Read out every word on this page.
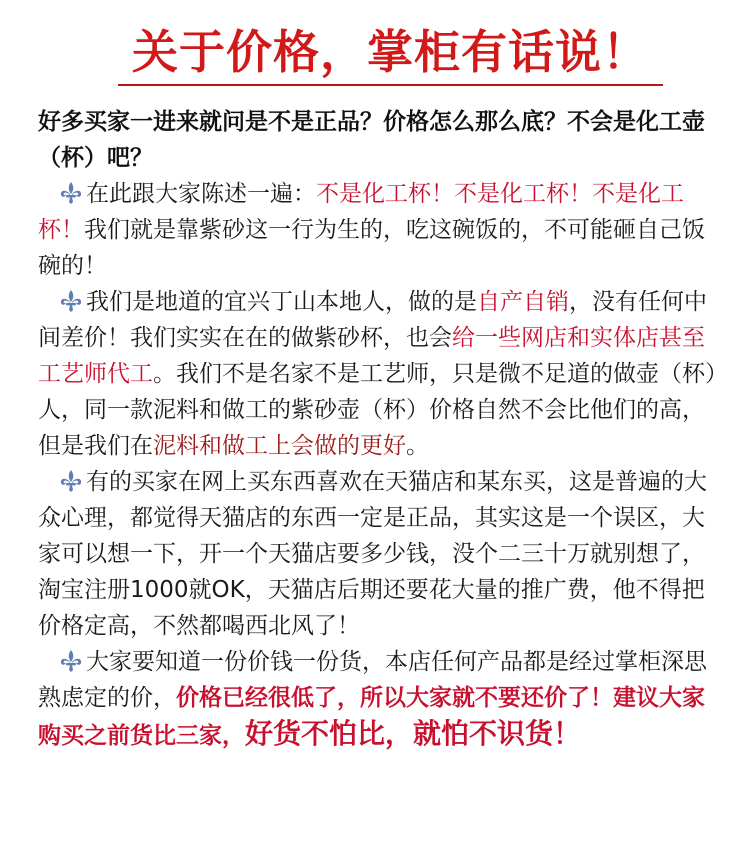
关于价格，掌柜有话说！

好多买家一进来就问是不是正品？价格怎么那么底？不会是化工壶（杯）吧？

在此跟大家陈述一遍：不是化工杯！不是化工杯！不是化工杯！我们就是靠紫砂这一行为生的，吃这碗饭的，不可能砸自己饭碗的！

我们是地道的宜兴丁山本地人，做的是自产自销，没有任何中间差价！我们实实在在的做紫砂杯，也会给一些网店和实体店甚至工艺师代工。我们不是名家不是工艺师，只是微不足道的做壶（杯）人，同一款泥料和做工的紫砂壶（杯）价格自然不会比他们的高，但是我们在泥料和做工上会做的更好。

有的买家在网上买东西喜欢在天猫店和某东买，这是普遍的大众心理，都觉得天猫店的东西一定是正品，其实这是一个误区，大家可以想一下，开一个天猫店要多少钱，没个二三十万就别想了，淘宝注册1000就OK，天猫店后期还要花大量的推广费，他不得把价格定高，不然都喝西北风了！

大家要知道一份价钱一份货，本店任何产品都是经过掌柜深思熟虑定的价，价格已经很低了，所以大家就不要还价了！建议大家购买之前货比三家，好货不怕比，就怕不识货！
